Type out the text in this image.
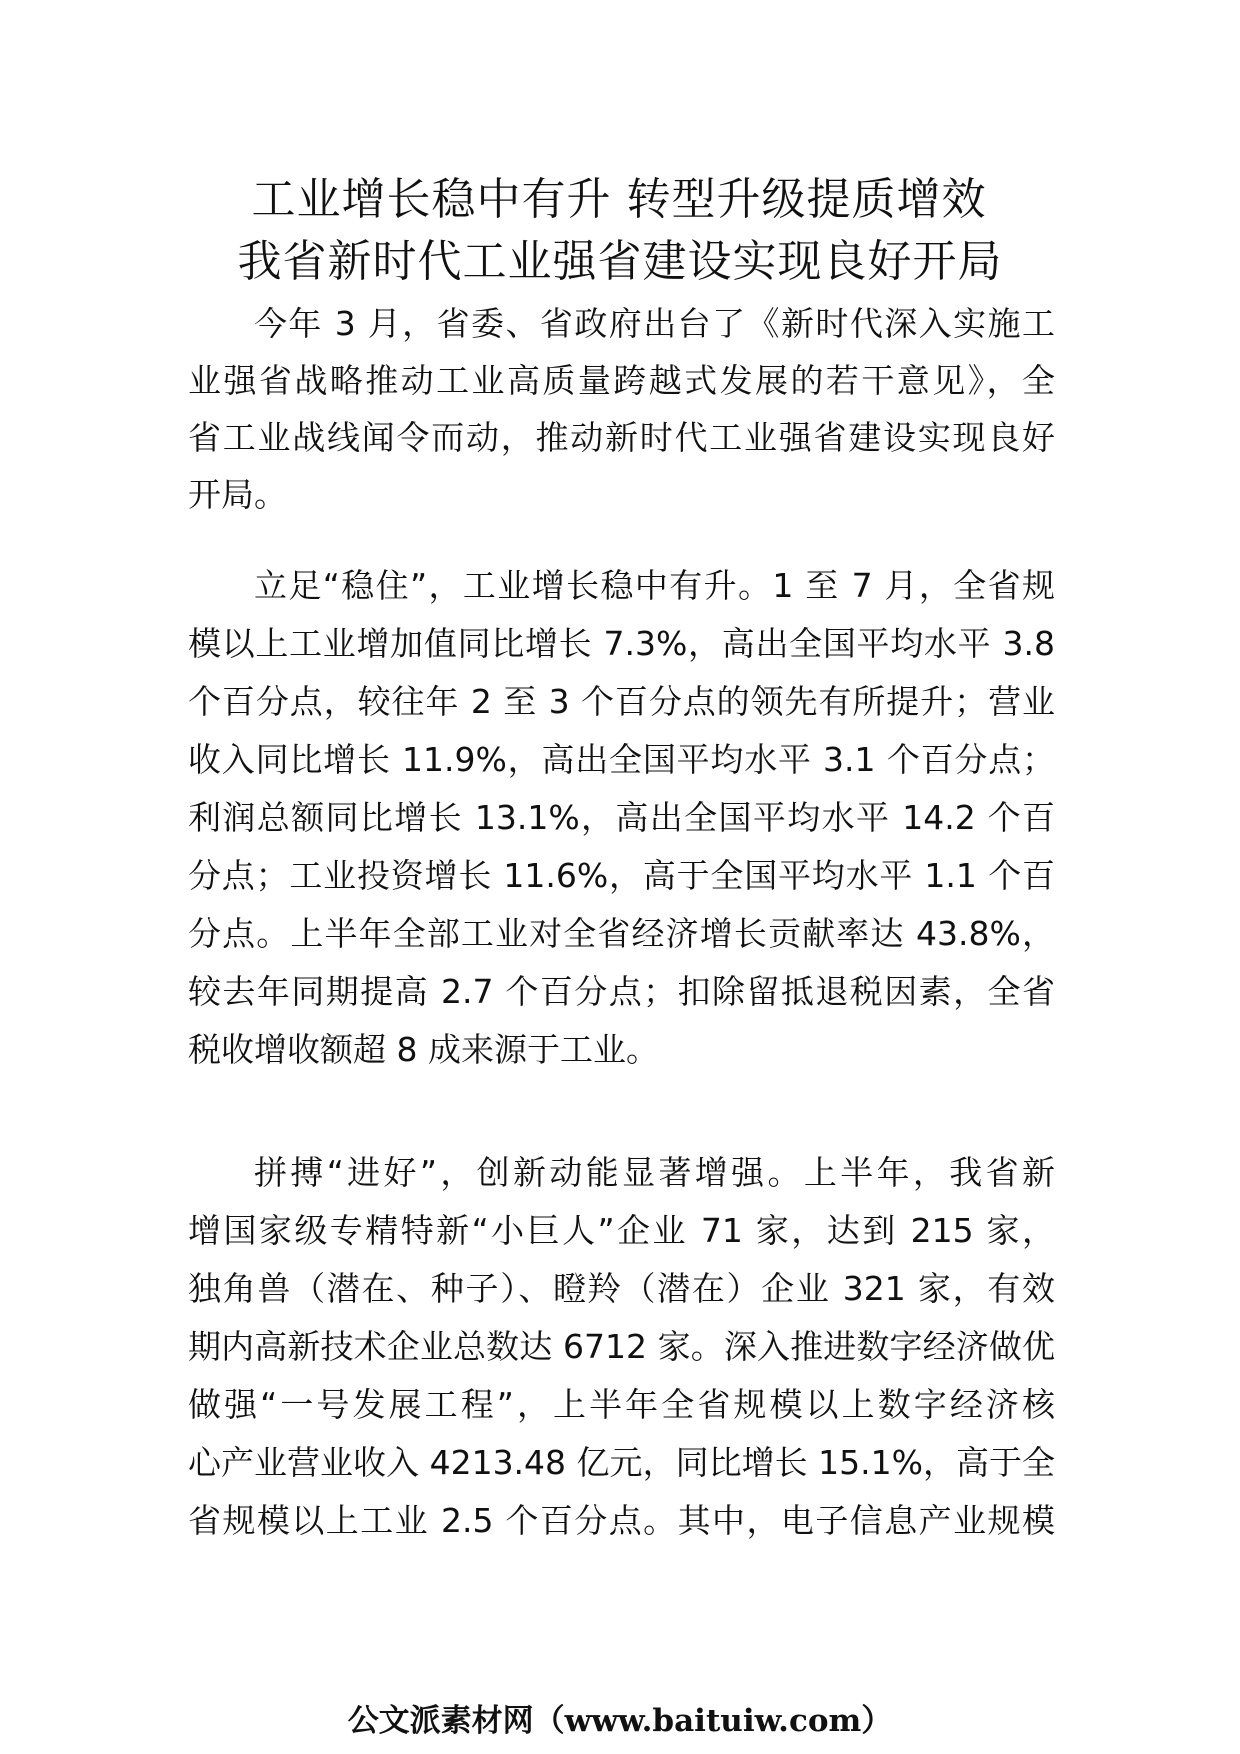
工业增长稳中有升 转型升级提质增效
我省新时代工业强省建设实现良好开局
今年 3 月，省委、省政府出台了《新时代深入实施工
业强省战略推动工业高质量跨越式发展的若干意见》，全
省工业战线闻令而动，推动新时代工业强省建设实现良好
开局。
立足“稳住”，工业增长稳中有升。1 至 7 月，全省规
模以上工业增加值同比增长 7.3%，高出全国平均水平 3.8
个百分点，较往年 2 至 3 个百分点的领先有所提升；营业
收入同比增长 11.9%，高出全国平均水平 3.1 个百分点；
利润总额同比增长 13.1%，高出全国平均水平 14.2 个百
分点；工业投资增长 11.6%，高于全国平均水平 1.1 个百
分点。上半年全部工业对全省经济增长贡献率达 43.8%，
较去年同期提高 2.7 个百分点；扣除留抵退税因素，全省
税收增收额超 8 成来源于工业。
拼搏“进好”，创新动能显著增强。上半年，我省新
增国家级专精特新“小巨人”企业 71 家，达到 215 家，
独角兽（潜在、种子）、瞪羚（潜在）企业 321 家，有效
期内高新技术企业总数达 6712 家。深入推进数字经济做优
做强“一号发展工程”，上半年全省规模以上数字经济核
心产业营业收入 4213.48 亿元，同比增长 15.1%，高于全
省规模以上工业 2.5 个百分点。其中，电子信息产业规模
公文派素材网（www.baituiw.com）
